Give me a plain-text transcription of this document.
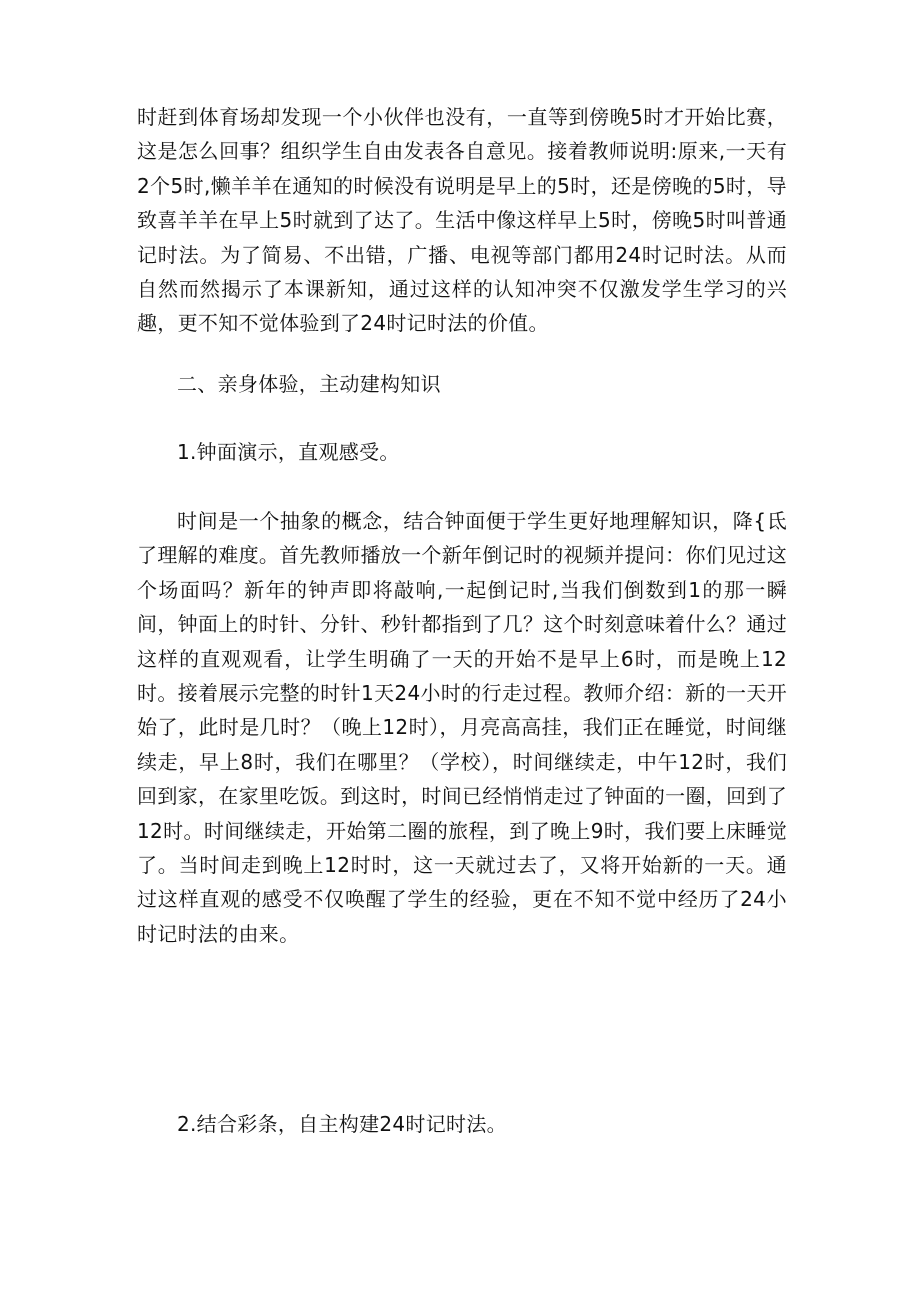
时赶到体育场却发现一个小伙伴也没有，一直等到傍晚5时才开始比赛，这是怎么回事？组织学生自由发表各自意见。接着教师说明:原来,一天有2个5时,懒羊羊在通知的时候没有说明是早上的5时，还是傍晚的5时，导致喜羊羊在早上5时就到了达了。生活中像这样早上5时，傍晚5时叫普通记时法。为了简易、不出错，广播、电视等部门都用24时记时法。从而自然而然揭示了本课新知，通过这样的认知冲突不仅激发学生学习的兴趣，更不知不觉体验到了24时记时法的价值。

二、亲身体验，主动建构知识

1.钟面演示，直观感受。

时间是一个抽象的概念，结合钟面便于学生更好地理解知识，降{氐了理解的难度。首先教师播放一个新年倒记时的视频并提问：你们见过这个场面吗？新年的钟声即将敲响,一起倒记时,当我们倒数到1的那一瞬间，钟面上的时针、分针、秒针都指到了几？这个时刻意味着什么？通过这样的直观观看，让学生明确了一天的开始不是早上6时，而是晚上12时。接着展示完整的时针1天24小时的行走过程。教师介绍：新的一天开始了，此时是几时？（晚上12时），月亮高高挂，我们正在睡觉，时间继续走，早上8时，我们在哪里？（学校），时间继续走，中午12时，我们回到家，在家里吃饭。到这时，时间已经悄悄走过了钟面的一圈，回到了12时。时间继续走，开始第二圈的旅程，到了晚上9时，我们要上床睡觉了。当时间走到晚上12时时，这一天就过去了，又将开始新的一天。通过这样直观的感受不仅唤醒了学生的经验，更在不知不觉中经历了24小时记时法的由来。

2.结合彩条，自主构建24时记时法。
